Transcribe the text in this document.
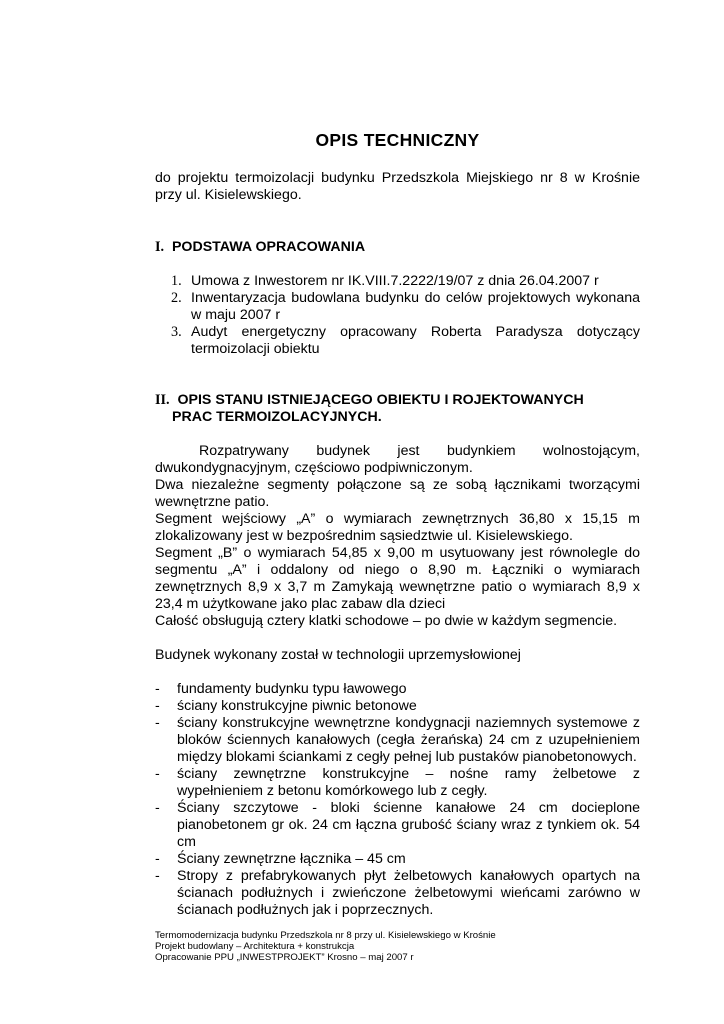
OPIS TECHNICZNY

do projektu termoizolacji budynku Przedszkola Miejskiego nr 8 w Krośnie przy ul. Kisielewskiego.

I. PODSTAWA OPRACOWANIA
1. Umowa z Inwestorem nr IK.VIII.7.2222/19/07 z dnia 26.04.2007 r
2. Inwentaryzacja budowlana budynku do celów projektowych wykonana w maju 2007 r
3. Audyt energetyczny opracowany Roberta Paradysza dotyczący termoizolacji obiektu
II. OPIS STANU ISTNIEJĄCEGO OBIEKTU I ROJEKTOWANYCH
PRAC TERMOIZOLACYJNYCH.

Rozpatrywany budynek jest budynkiem wolnostojącym, dwukondygnacyjnym, częściowo podpiwniczonym.

Dwa niezależne segmenty połączone są ze sobą łącznikami tworzącymi wewnętrzne patio.

Segment wejściowy „A” o wymiarach zewnętrznych 36,80 x 15,15 m zlokalizowany jest w bezpośrednim sąsiedztwie ul. Kisielewskiego.

Segment „B” o wymiarach 54,85 x 9,00 m usytuowany jest równolegle do segmentu „A” i oddalony od niego o 8,90 m. Łączniki o wymiarach zewnętrznych 8,9 x 3,7 m Zamykają wewnętrzne patio o wymiarach 8,9 x 23,4 m użytkowane jako plac zabaw dla dzieci

Całość obsługują cztery klatki schodowe – po dwie w każdym segmencie.

Budynek wykonany został w technologii uprzemysłowionej

- fundamenty budynku typu ławowego
- ściany konstrukcyjne piwnic betonowe
- ściany konstrukcyjne wewnętrzne kondygnacji naziemnych systemowe z bloków ściennych kanałowych (cegła żerańska) 24 cm z uzupełnieniem między blokami ściankami z cegły pełnej lub pustaków pianobetonowych.
- ściany zewnętrzne konstrukcyjne – nośne ramy żelbetowe z wypełnieniem z betonu komórkowego lub z cegły.
- Ściany szczytowe - bloki ścienne kanałowe 24 cm docieplone pianobetonem gr ok. 24 cm łączna grubość ściany wraz z tynkiem ok. 54 cm
- Ściany zewnętrzne łącznika – 45 cm
- Stropy z prefabrykowanych płyt żelbetowych kanałowych opartych na ścianach podłużnych i zwieńczone żelbetowymi wieńcami zarówno w ścianach podłużnych jak i poprzecznych.
Termomodernizacja budynku Przedszkola nr 8 przy ul. Kisielewskiego w Krośnie
Projekt budowlany – Architektura + konstrukcja
Opracowanie PPU „INWESTPROJEKT” Krosno – maj 2007 r
